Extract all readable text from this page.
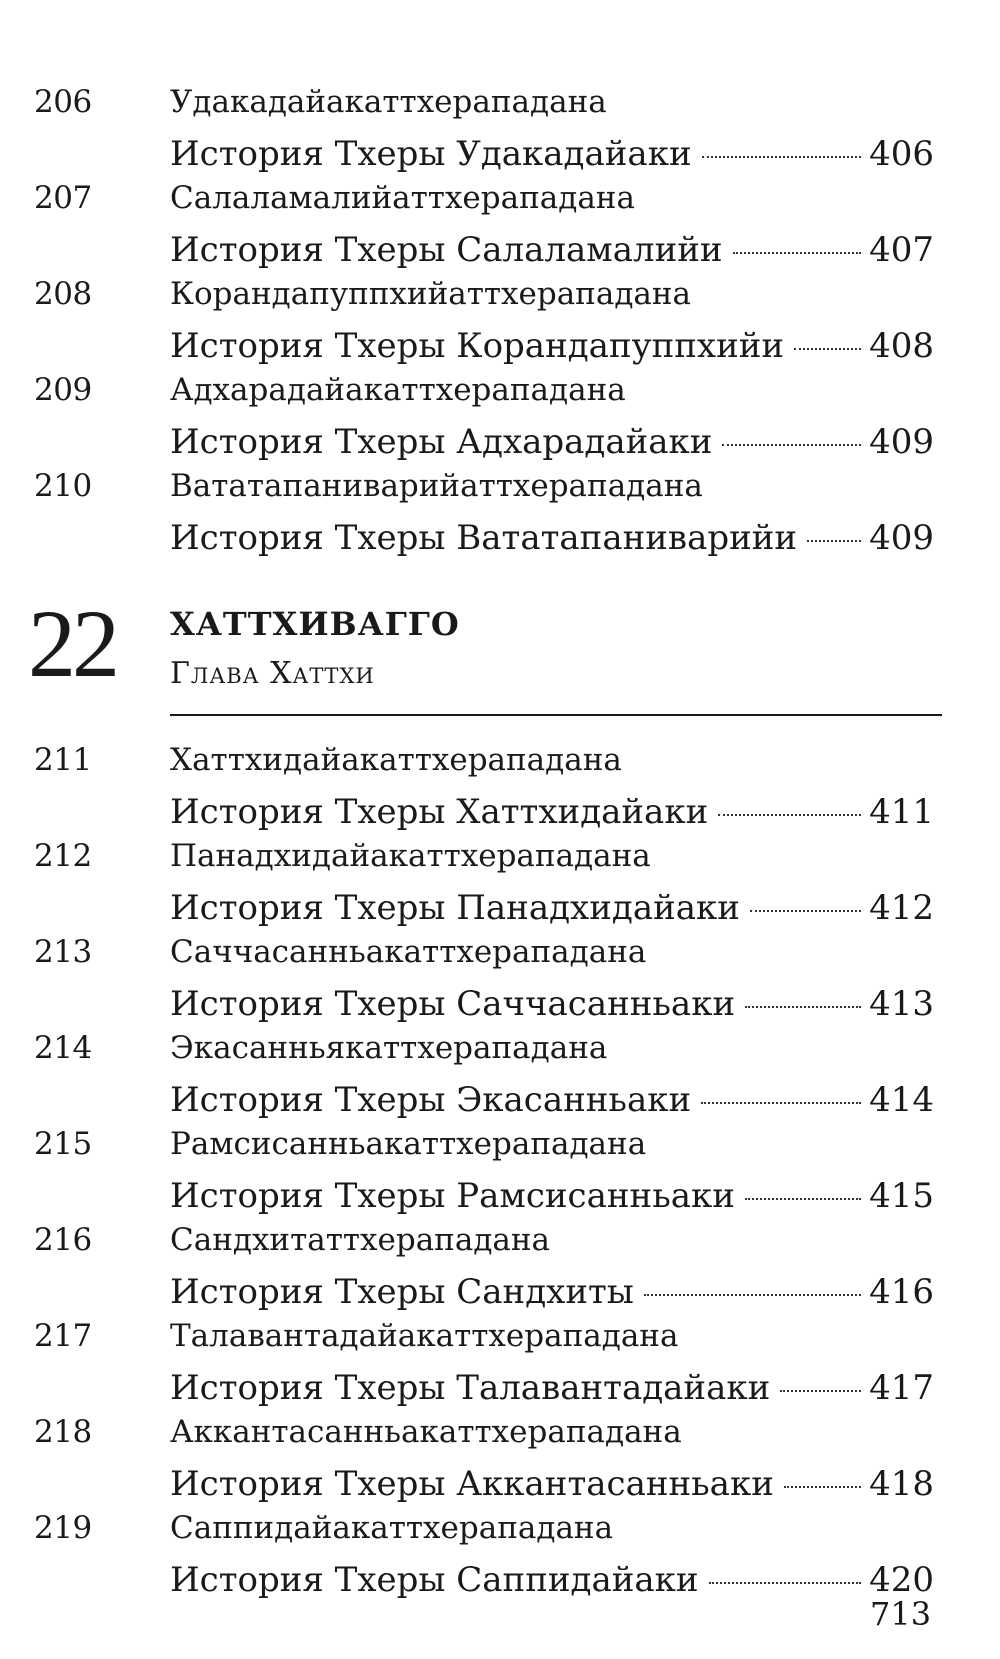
206	Удакадайакаттхерападана
История Тхеры Удакадайаки	406
207	Салаламалийаттхерападана
История Тхеры Салаламалийи	407
208	Корандапуппхийаттхерападана
История Тхеры Корандапуппхийи	408
209	Адхарадайакаттхерападана
История Тхеры Адхарадайаки	409
210	Ватaтапаниварийаттхерападана
История Тхеры Ватaтапаниварийи 409
22 ХАТТХИВАГГО
Глава Хаттхи
211	Хаттхидайакаттхерападана
История Тхеры Хаттхидайаки	411
212	Панадхидайакаттхерападана
История Тхеры Панадхидайаки	412
213	Саччасанньакаттхерападана
История Тхеры Саччасанньаки	413
214	Экасанньякаттхерападана
История Тхеры Экасанньаки	414
215	Рамсисанньакаттхерападана
История Тхеры Рамсисанньаки	415
216	Сандхитаттхерападана
История Тхеры Сандхиты	416
217	Талавантадайакаттхерападана
История Тхеры Талавантадайаки	417
218	Аккантасанньакаттхерападана
История Тхеры Аккантасанньаки	418
219	Саппидайакаттхерападана
История Тхеры Саппидайаки	420
713
